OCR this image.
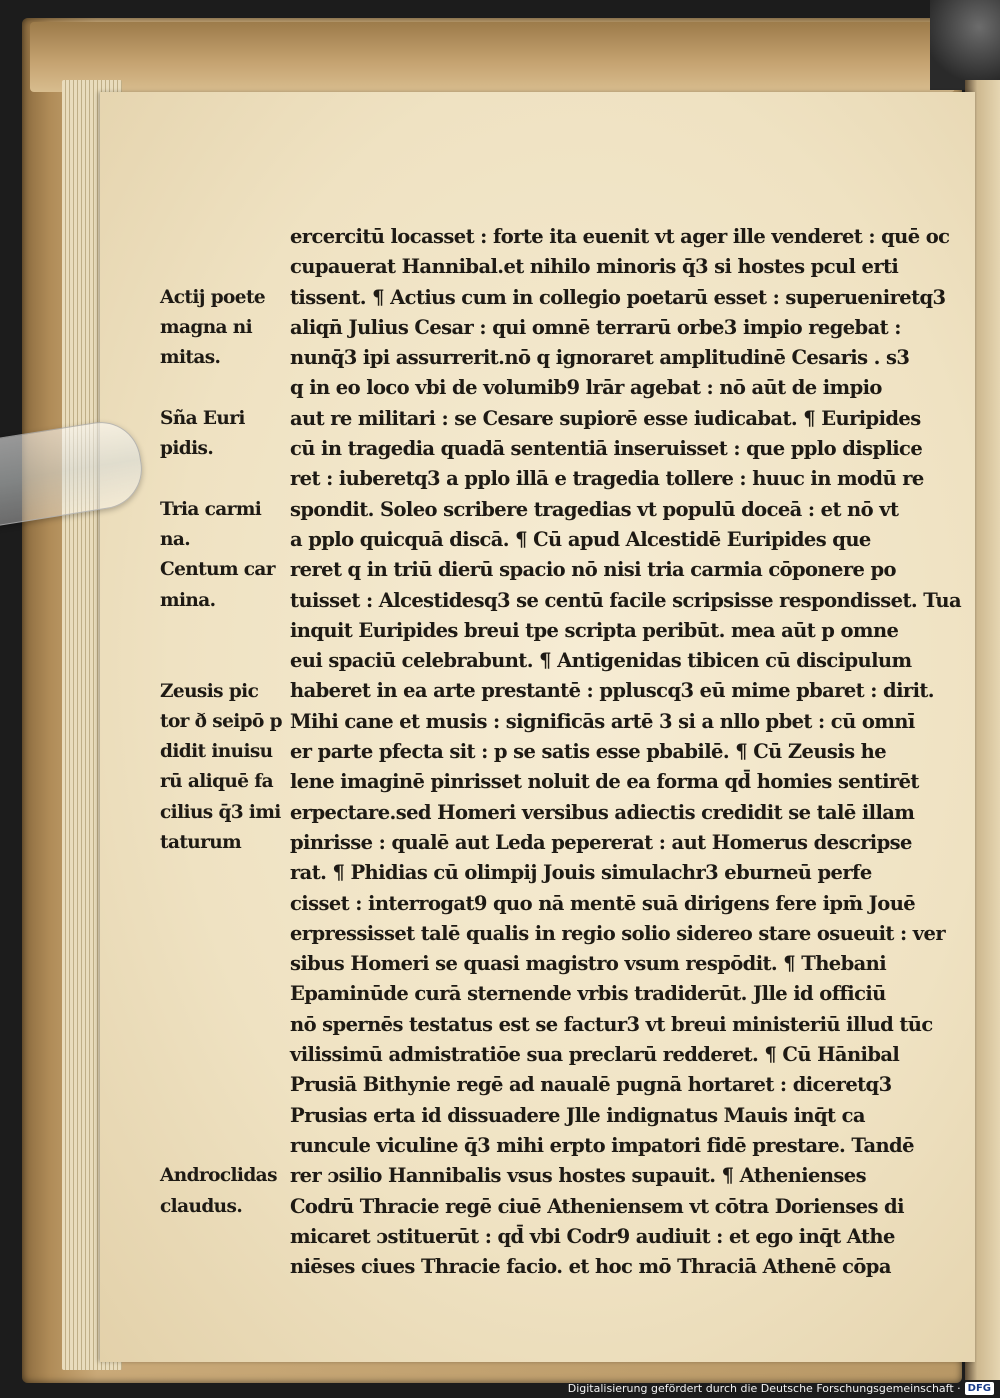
ercercitū locasset : forte ita euenit vt ager ille venderet : quē oc
cupauerat Hannibal.et nihilo minoris q̄3 si hostes pcul erti
tissent. ¶ Actius cum in collegio poetarū esset : superueniretq3
aliqn̄ Julius Cesar : qui omnē terrarū orbe3 impio regebat :
nunq̄3 ipi assurrerit.nō q ignoraret amplitudinē Cesaris . s3
q in eo loco vbi de volumib9 lrār agebat : nō aūt de impio
aut re militari : se Cesare supiorē esse iudicabat. ¶ Euripides
cū in tragedia quadā sententiā inseruisset : que pplo displice
ret : iuberetq3 a pplo illā e tragedia tollere : huuc in modū re
spondit. Soleo scribere tragedias vt populū doceā : et nō vt
a pplo quicquā discā. ¶ Cū apud Alcestidē Euripides que
reret q in triū dierū spacio nō nisi tria carmia cōponere po
tuisset : Alcestidesq3 se centū facile scripsisse respondisset. Tua
inquit Euripides breui tpe scripta peribūt. mea aūt p omne
eui spaciū celebrabunt. ¶ Antigenidas tibicen cū discipulum
haberet in ea arte prestantē : ppluscq3 eū mime pbaret : dirit.
Mihi cane et musis : significās artē 3 si a nllo pbet : cū omnī
er parte pfecta sit : p se satis esse pbabilē. ¶ Cū Zeusis he
lene imaginē pinrisset noluit de ea forma qd̄ homies sentirēt
erpectare.sed Homeri versibus adiectis credidit se talē illam
pinrisse : qualē aut Leda pepererat : aut Homerus descripse
rat. ¶ Phidias cū olimpij Jouis simulachr3 eburneū perfe
cisset : interrogat9 quo nā mentē suā dirigens fere ipm̄ Jouē
erpressisset talē qualis in regio solio sidereo stare osueuit : ver
sibus Homeri se quasi magistro vsum respōdit. ¶ Thebani
Epaminūde curā sternende vrbis tradiderūt. Jlle id officiū
nō spernēs testatus est se factur3 vt breui ministeriū illud tūc
vilissimū admistratiōe sua preclarū redderet. ¶ Cū Hānibal
Prusiā Bithynie regē ad naualē pugnā hortaret : diceretq3
Prusias erta id dissuadere Jlle indignatus Mauis inq̄t ca
runcule viculine q̄3 mihi erpto impatori fidē prestare. Tandē
rer ɔsilio Hannibalis vsus hostes supauit. ¶ Athenienses
Codrū Thracie regē ciuē Atheniensem vt cōtra Dorienses di
micaret ɔstituerūt : qd̄ vbi Codr9 audiuit : et ego inq̄t Athe
niēses ciues Thracie facio. et hoc mō Thraciā Athenē cōpa
Actij poete
magna ni
mitas.
Sña Euri
pidis.
Tria carmi
na.
Centum car
mina.
Zeusis pic
tor ð seipō p
didit inuisu
rū aliquē fa
cilius q̄3 imi
taturum
Androclidas
claudus.
Digitalisierung gefördert durch die Deutsche Forschungsgemeinschaft · DFG
